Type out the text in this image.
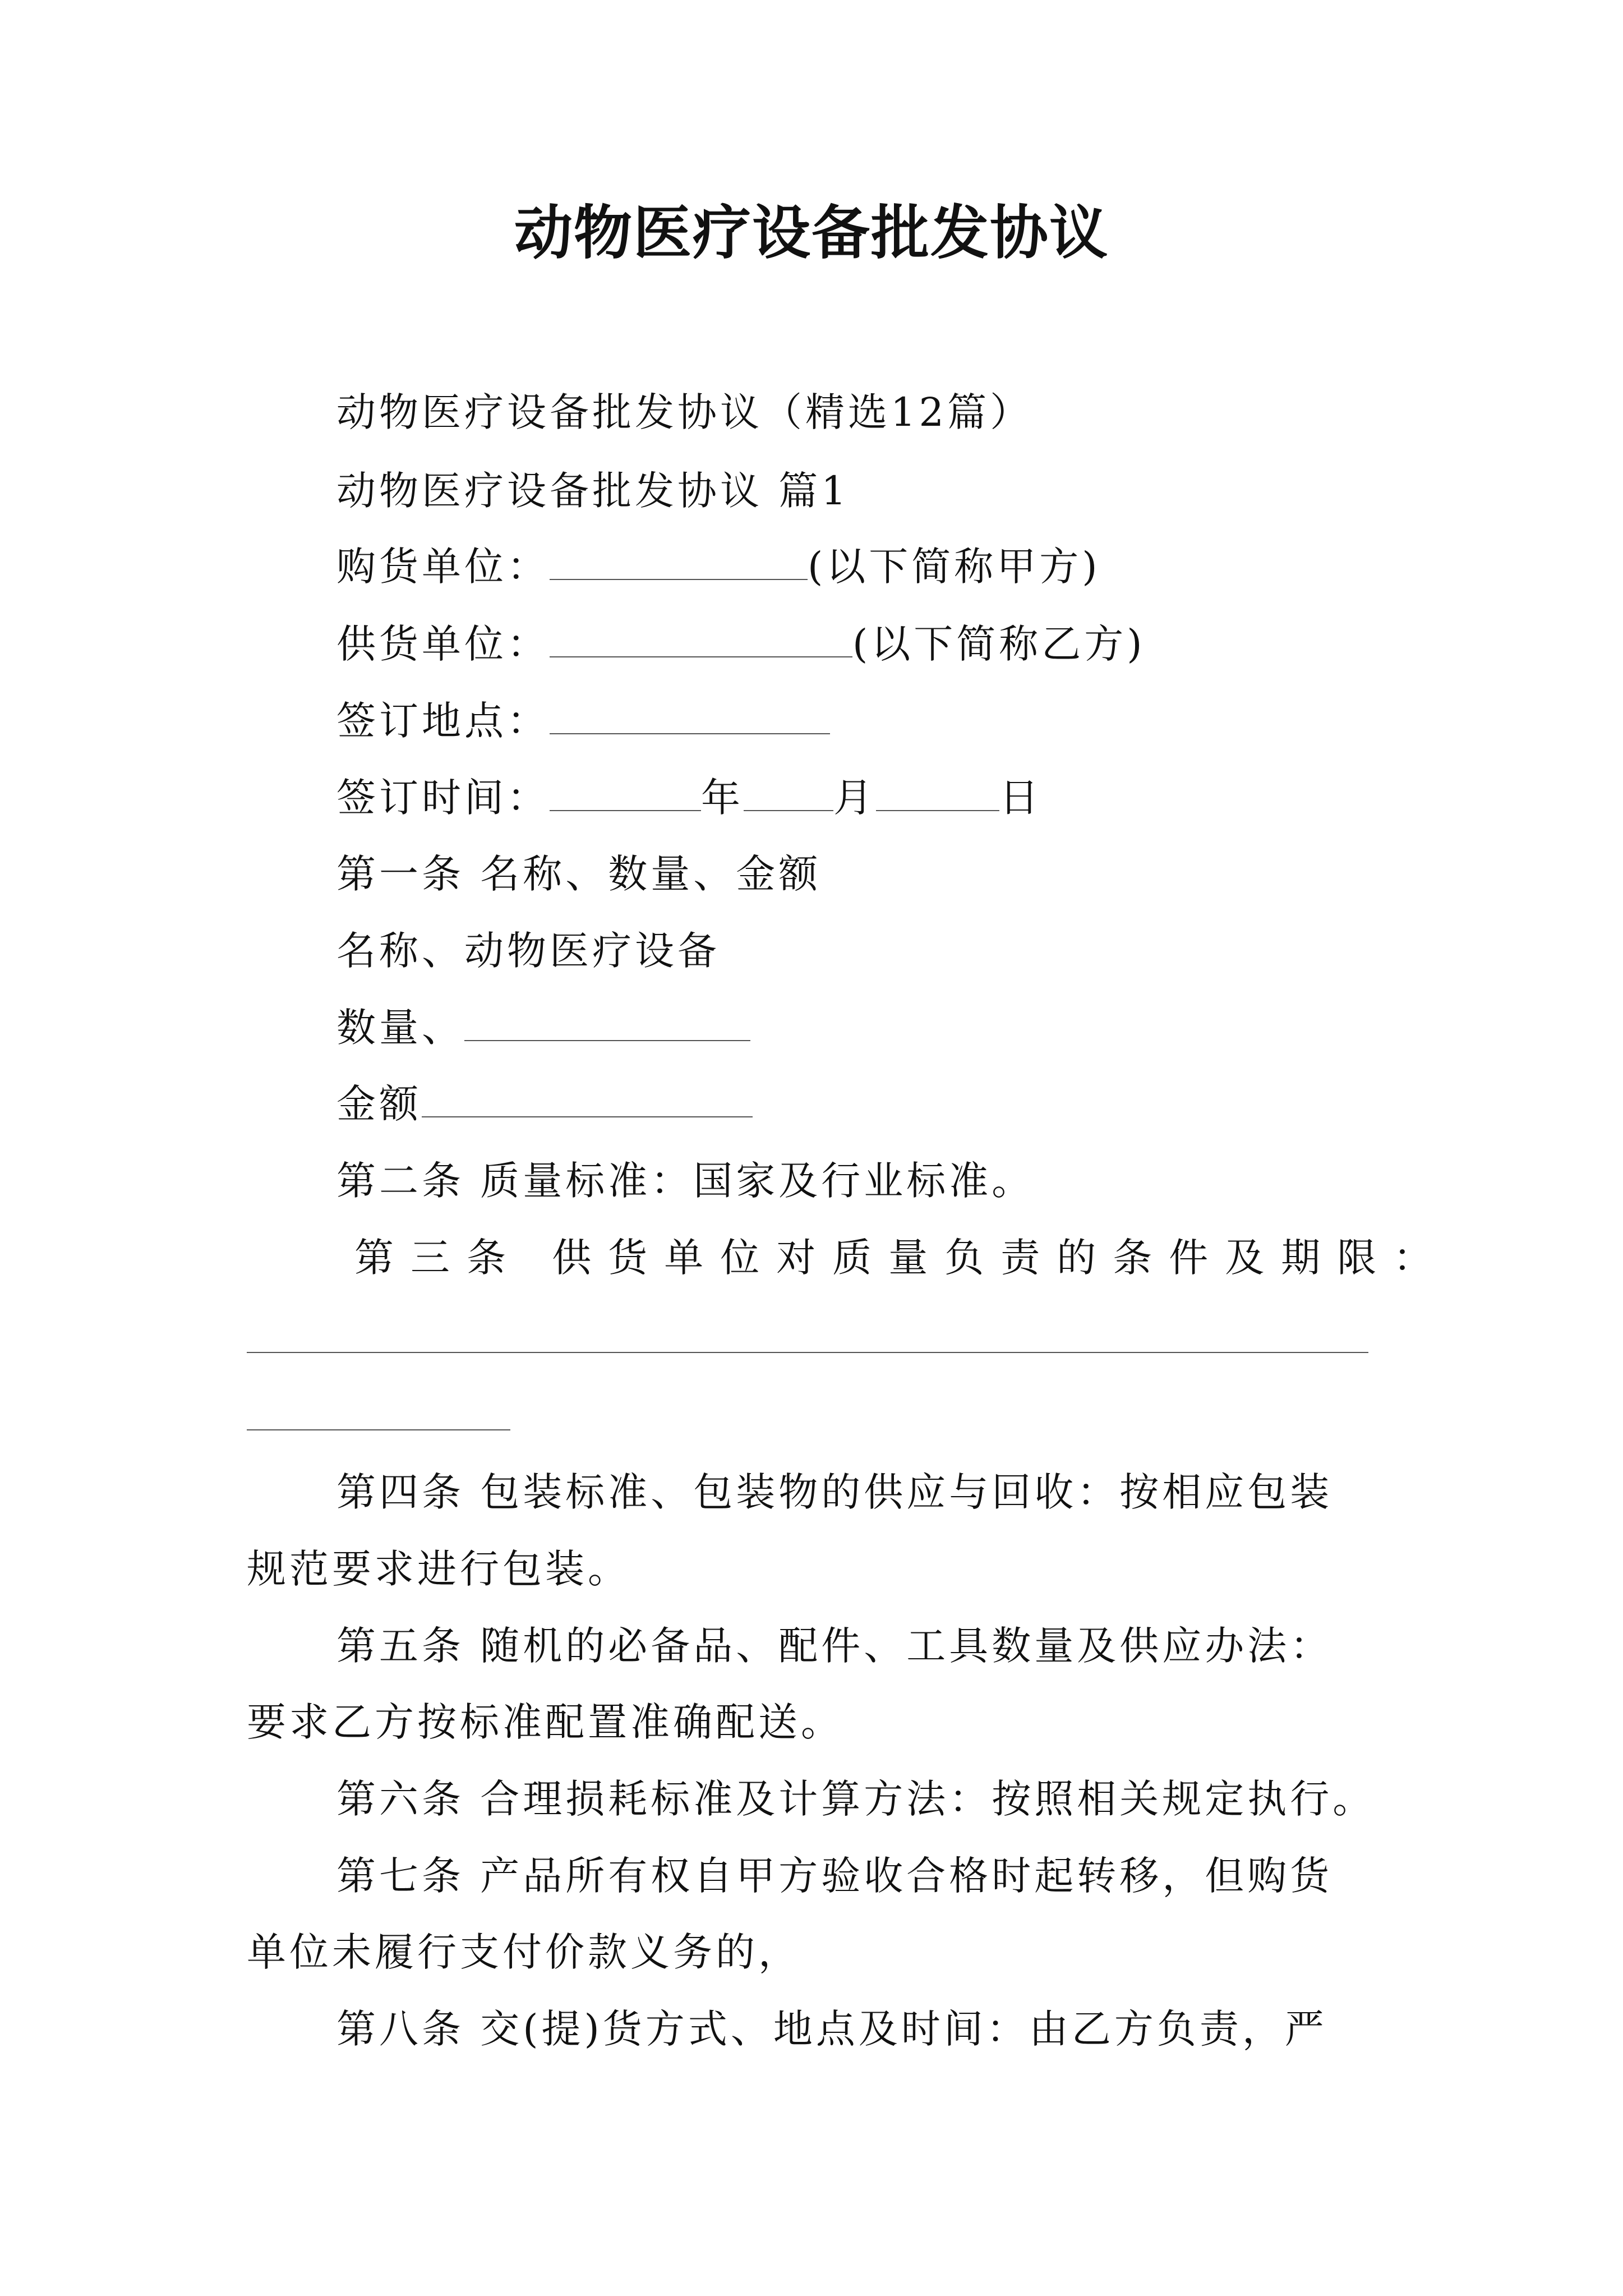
动物医疗设备批发协议
动物医疗设备批发协议（精选12篇）
动物医疗设备批发协议 篇1
购货单位：	(以下简称甲方)
供货单位：	(以下简称乙方)
签订地点：
签订时间：	年 月	日
第一条 名称、数量、金额
名称、动物医疗设备
数量、
金额
第二条 质量标准：国家及行业标准。
第三条 供货单位对质量负责的条件及期限：
第四条 包装标准、包装物的供应与回收：按相应包装
规范要求进行包装。
第五条 随机的必备品、配件、工具数量及供应办法：
要求乙方按标准配置准确配送。
第六条 合理损耗标准及计算方法：按照相关规定执行。
第七条 产品所有权自甲方验收合格时起转移，但购货
单位未履行支付价款义务的，
第八条 交(提)货方式、地点及时间：由乙方负责，严
